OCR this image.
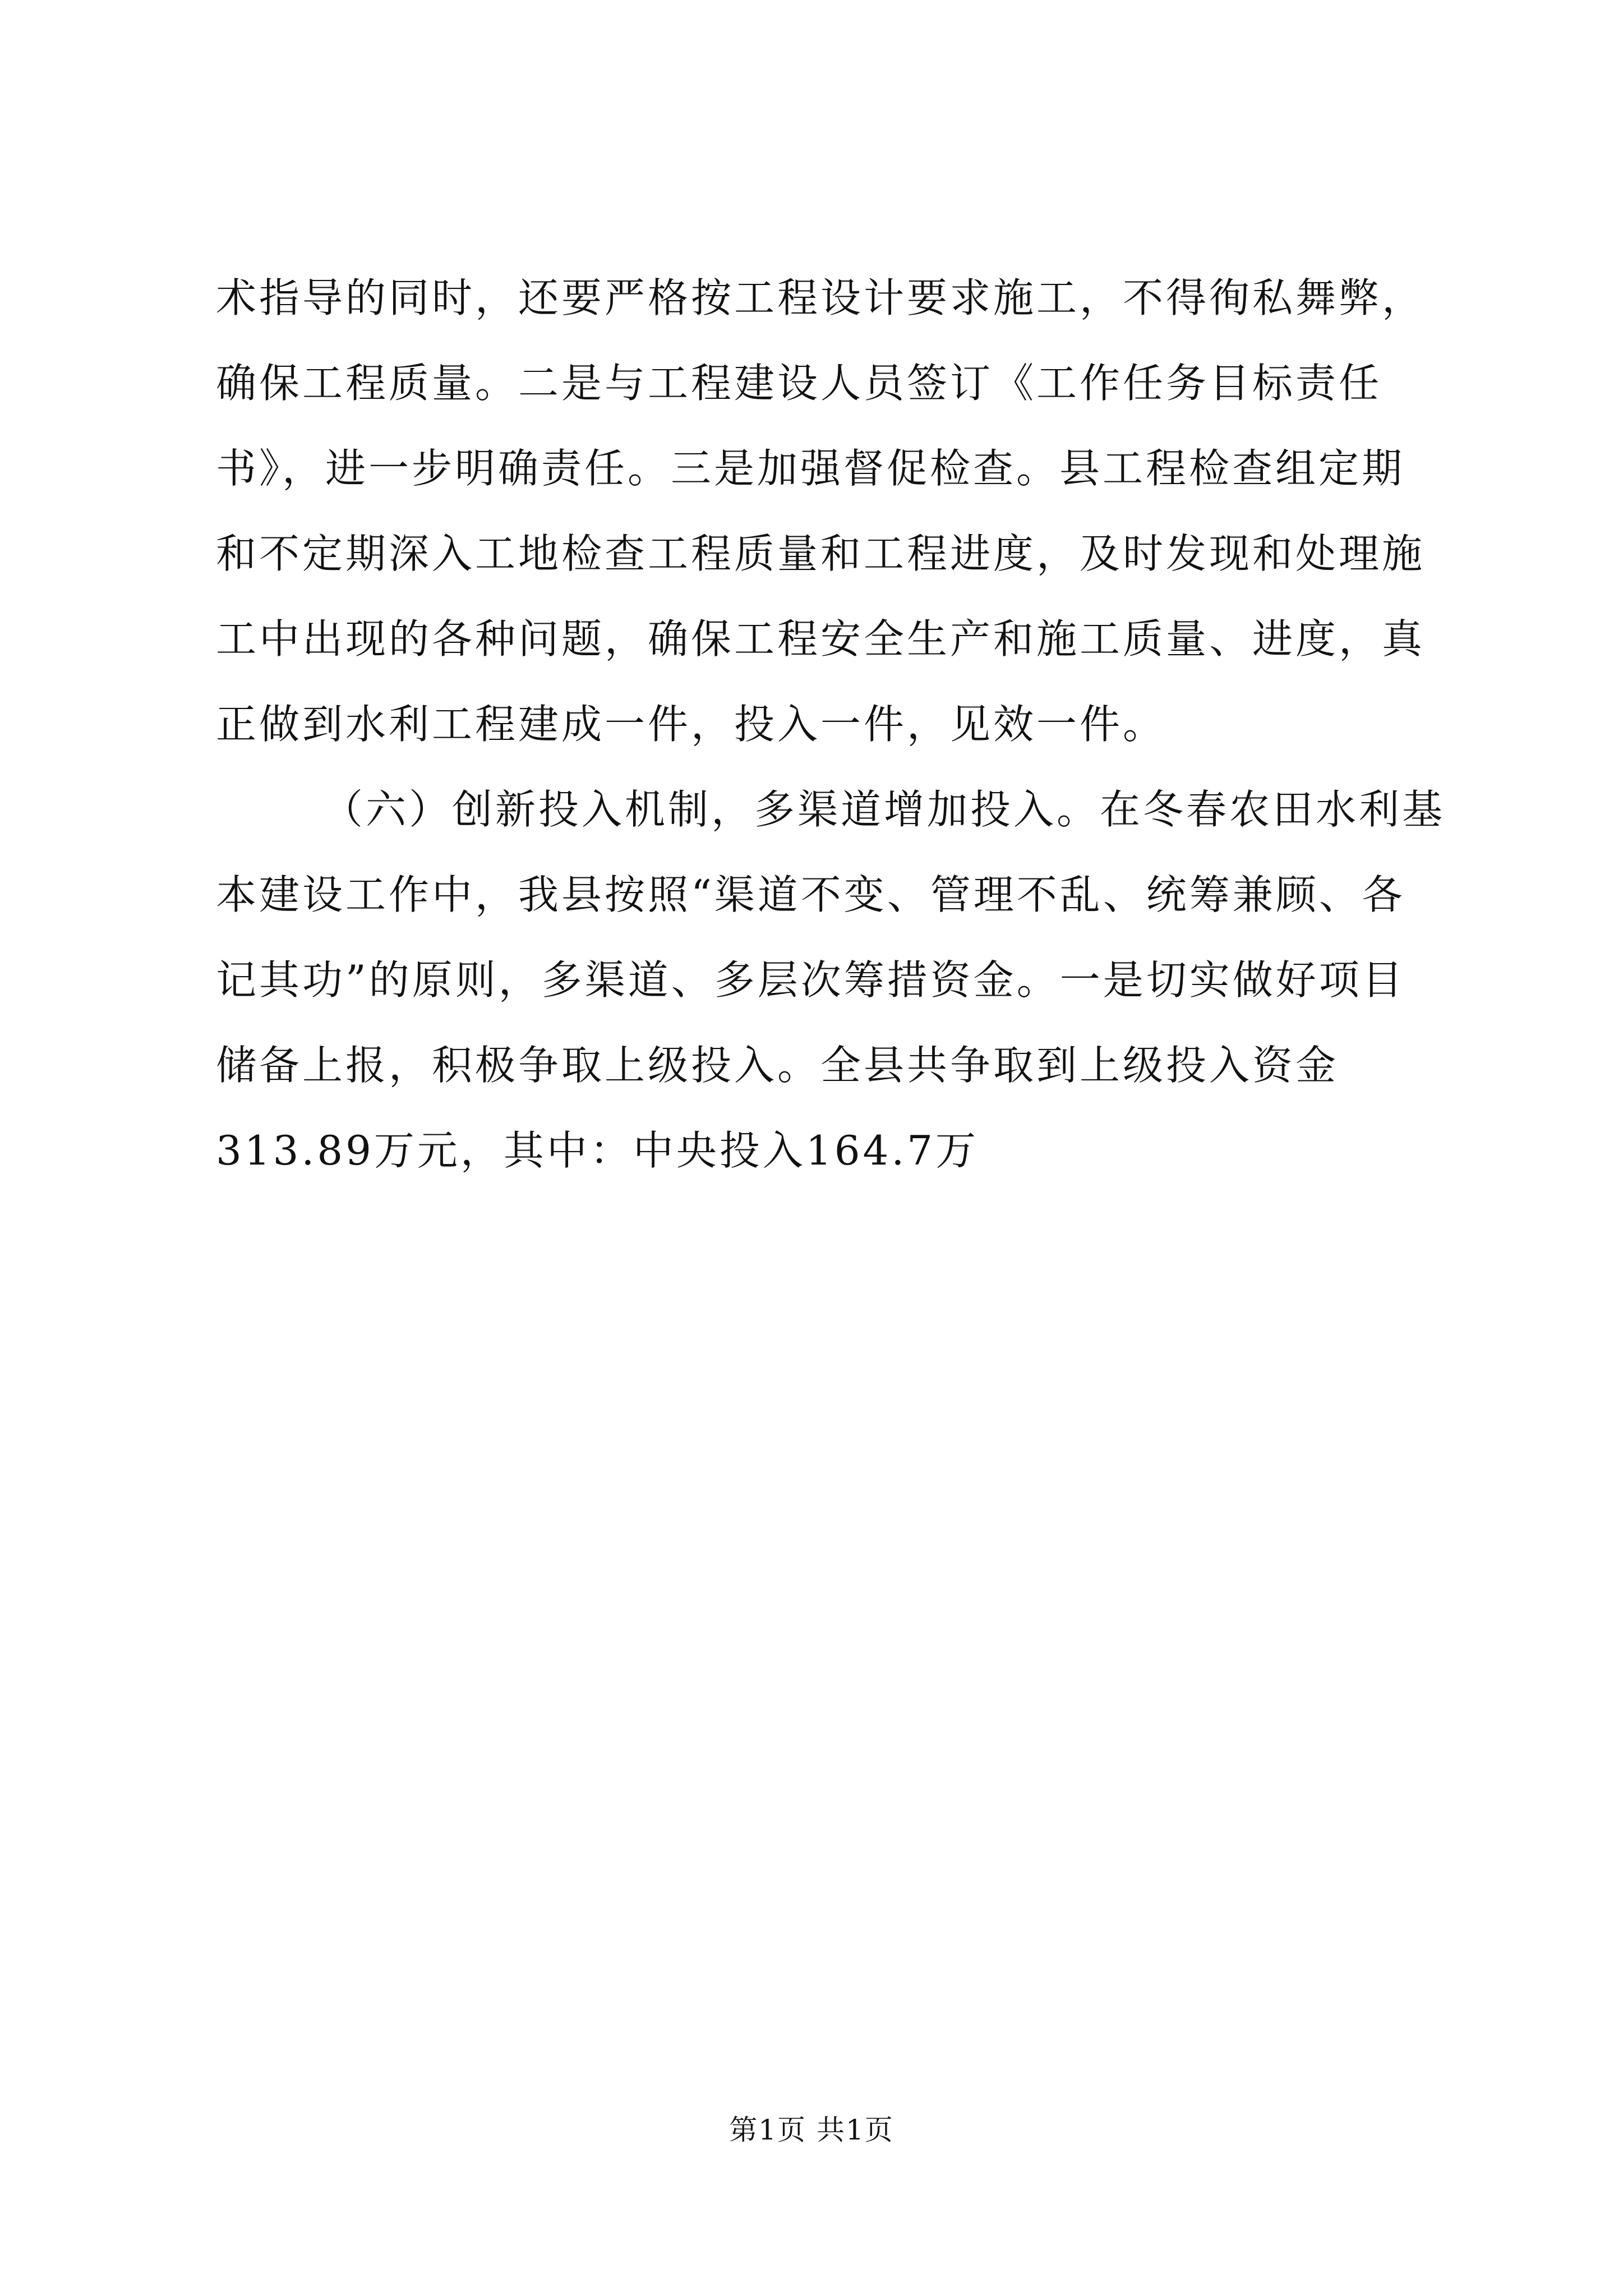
术指导的同时，还要严格按工程设计要求施工，不得徇私舞弊，
确保工程质量。二是与工程建设人员签订《工作任务目标责任
书》，进一步明确责任。三是加强督促检查。县工程检查组定期
和不定期深入工地检查工程质量和工程进度，及时发现和处理施
工中出现的各种问题，确保工程安全生产和施工质量、进度，真
正做到水利工程建成一件，投入一件，见效一件。
（六）创新投入机制，多渠道增加投入。在冬春农田水利基
本建设工作中，我县按照“渠道不变、管理不乱、统筹兼顾、各
记其功”的原则，多渠道、多层次筹措资金。一是切实做好项目
储备上报，积极争取上级投入。全县共争取到上级投入资金
313.89万元，其中：中央投入164.7万
第1页 共1页
